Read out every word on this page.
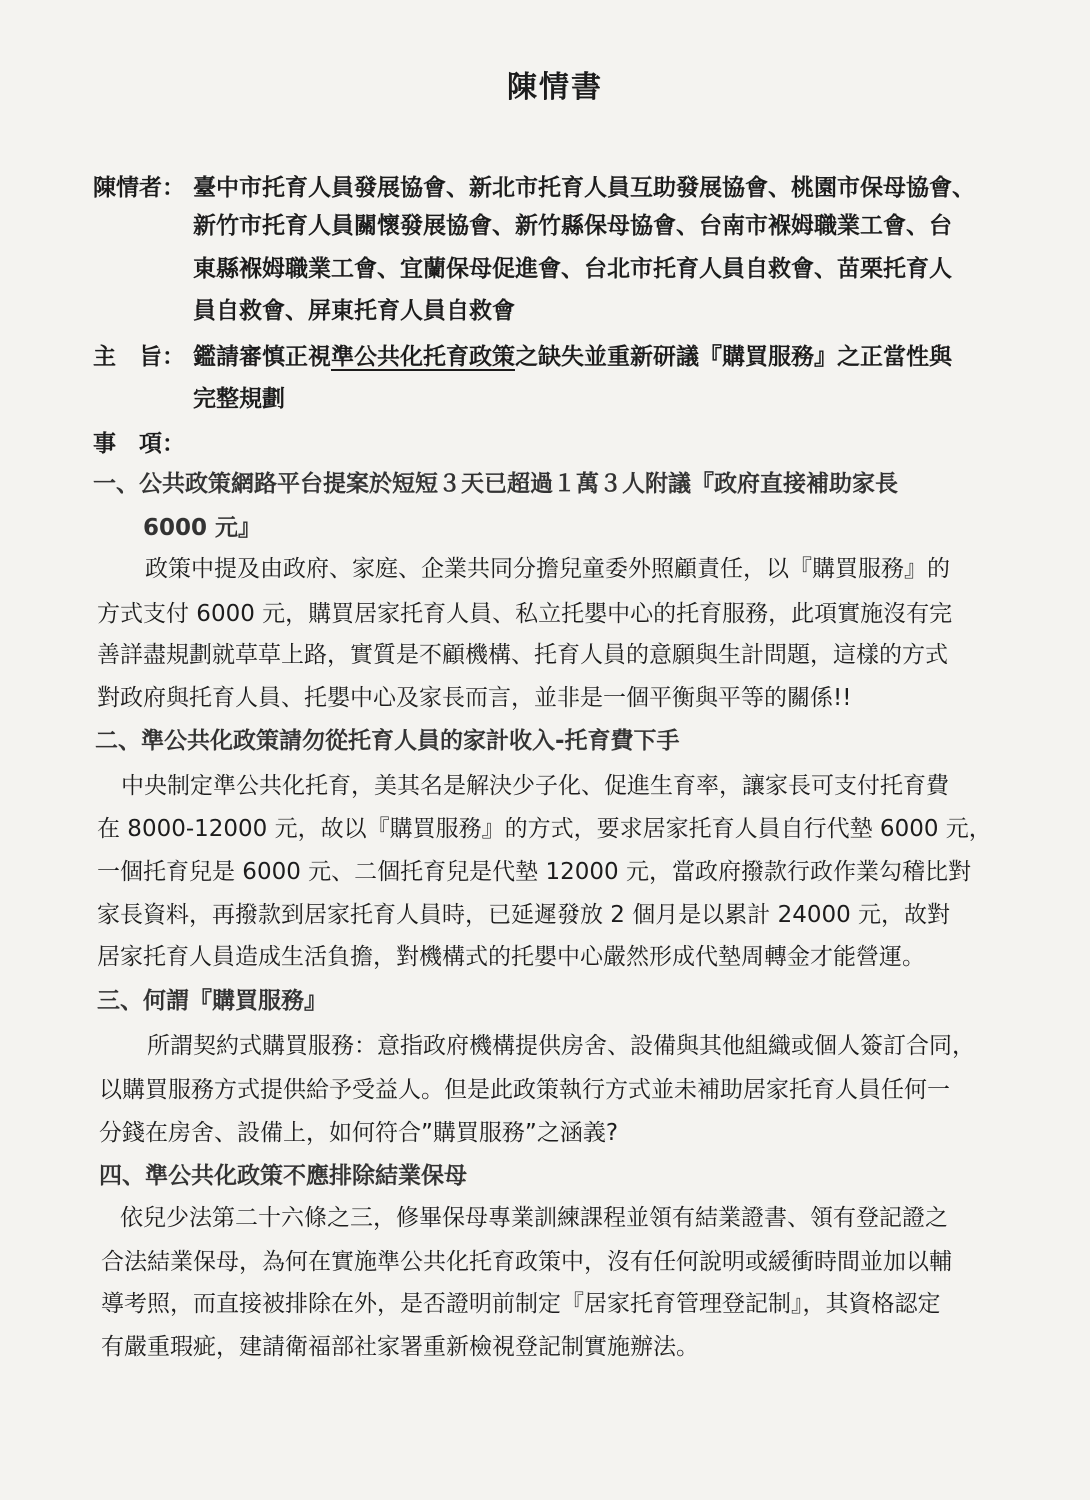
陳情書
陳情者： 臺中市托育人員發展協會、新北市托育人員互助發展協會、桃園市保母協會、
新竹市托育人員關懷發展協會、新竹縣保母協會、台南市褓姆職業工會、台
東縣褓姆職業工會、宜蘭保母促進會、台北市托育人員自救會、苗栗托育人
員自救會、屏東托育人員自救會
主　旨： 鑑請審慎正視準公共化托育政策之缺失並重新研議『購買服務』之正當性與
完整規劃
事　項：
一、公共政策網路平台提案於短短３天已超過１萬３人附議『政府直接補助家長
6000 元』
政策中提及由政府、家庭、企業共同分擔兒童委外照顧責任，以『購買服務』的
方式支付 6000 元，購買居家托育人員、私立托嬰中心的托育服務，此項實施沒有完
善詳盡規劃就草草上路，實質是不顧機構、托育人員的意願與生計問題，這樣的方式
對政府與托育人員、托嬰中心及家長而言，並非是一個平衡與平等的關係!!
二、準公共化政策請勿從托育人員的家計收入-托育費下手
中央制定準公共化托育，美其名是解決少子化、促進生育率，讓家長可支付托育費
在 8000-12000 元，故以『購買服務』的方式，要求居家托育人員自行代墊 6000 元，
一個托育兒是 6000 元、二個托育兒是代墊 12000 元，當政府撥款行政作業勾稽比對
家長資料，再撥款到居家托育人員時，已延遲發放 2 個月是以累計 24000 元，故對
居家托育人員造成生活負擔，對機構式的托嬰中心嚴然形成代墊周轉金才能營運。
三、何謂『購買服務』
所謂契約式購買服務：意指政府機構提供房舍、設備與其他組織或個人簽訂合同，
以購買服務方式提供給予受益人。但是此政策執行方式並未補助居家托育人員任何一
分錢在房舍、設備上，如何符合”購買服務”之涵義?
四、準公共化政策不應排除結業保母
依兒少法第二十六條之三，修畢保母專業訓練課程並領有結業證書、領有登記證之
合法結業保母，為何在實施準公共化托育政策中，沒有任何說明或緩衝時間並加以輔
導考照，而直接被排除在外，是否證明前制定『居家托育管理登記制』，其資格認定
有嚴重瑕疵，建請衛福部社家署重新檢視登記制實施辦法。
